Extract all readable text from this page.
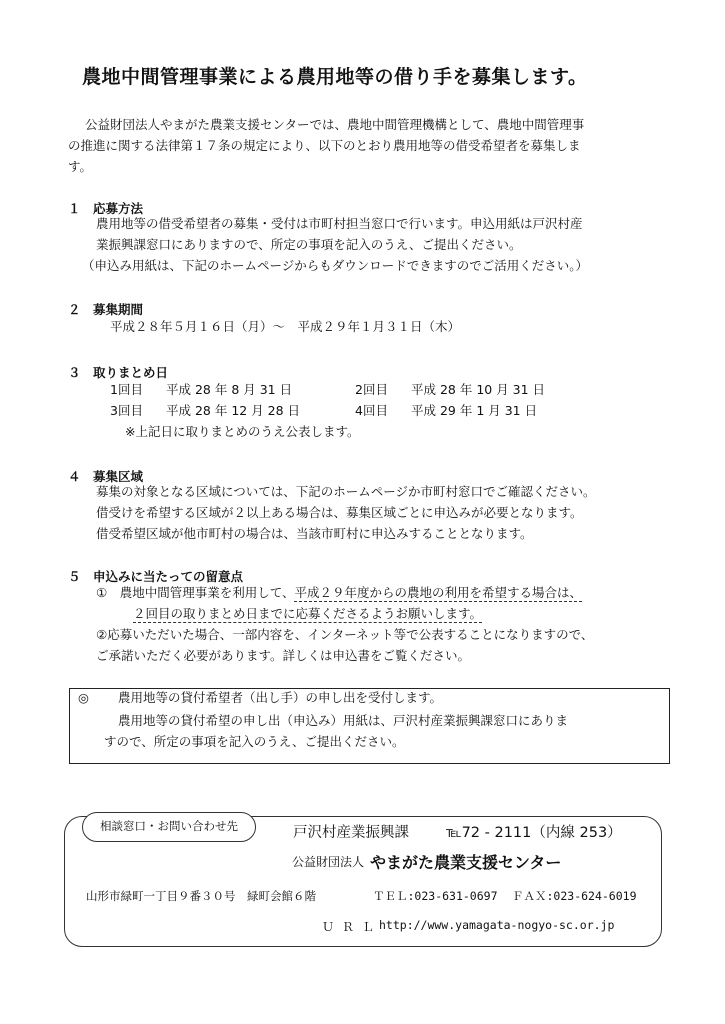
農地中間管理事業による農用地等の借り手を募集します。
公益財団法人やまがた農業支援センターでは、農地中間管理機構として、農地中間管理事
の推進に関する法律第１７条の規定により、以下のとおり農用地等の借受希望者を募集しま
す。
１　応募方法
農用地等の借受希望者の募集・受付は市町村担当窓口で行います。申込用紙は戸沢村産
業振興課窓口にありますので、所定の事項を記入のうえ、ご提出ください。
（申込み用紙は、下記のホームページからもダウンロードできますのでご活用ください。）
２　募集期間
平成２８年５月１６日（月）～　平成２９年１月３１日（木）
３　取りまとめ日
1回目 平成 28 年 8 月 31 日	2回目 平成 28 年 10 月 31 日
3回目 平成 28 年 12 月 28 日	4回目 平成 29 年 1 月 31 日
※上記日に取りまとめのうえ公表します。
４　募集区域
募集の対象となる区域については、下記のホームページか市町村窓口でご確認ください。
借受けを希望する区域が２以上ある場合は、募集区域ごとに申込みが必要となります。
借受希望区域が他市町村の場合は、当該市町村に申込みすることとなります。
５　申込みに当たっての留意点
①　農地中間管理事業を利用して、平成２９年度からの農地の利用を希望する場合は、
２回目の取りまとめ日までに応募くださるようお願いします。
②応募いただいた場合、一部内容を、インターネット等で公表することになりますので、
ご承諾いただく必要があります。詳しくは申込書をご覧ください。
◎ 農用地等の貸付希望者（出し手）の申し出を受付します。
農用地等の貸付希望の申し出（申込み）用紙は、戸沢村産業振興課窓口にありま
すので、所定の事項を記入のうえ、ご提出ください。
相談窓口・お問い合わせ先	戸沢村産業振興課	℡72 - 2111（内線 253）
公益財団法人 やまがた農業支援センター
山形市緑町一丁目９番３０号　緑町会館６階	ＴＥＬ:023-631-0697 ＦＡＸ:023-624-6019
ＵＲＬ
http://www.yamagata-nogyo-sc.or.jp
